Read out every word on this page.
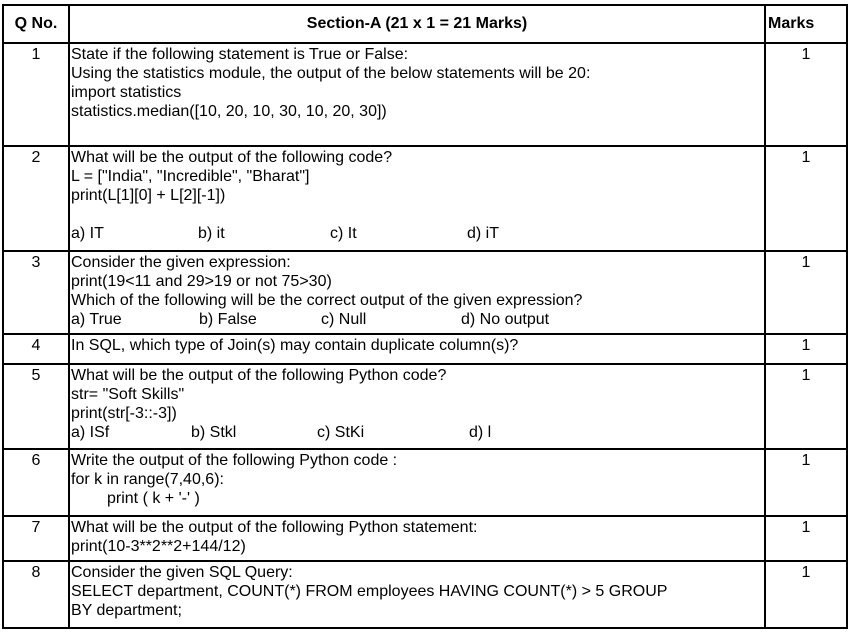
Q No.	Section-A (21 x 1 = 21 Marks)	Marks
1	State if the following statement is True or False:
Using the statistics module, the output of the below statements will be 20:
import statistics
statistics.median([10, 20, 10, 30, 10, 20, 30])	1
2	What will be the output of the following code?
L = ["India", "Incredible", "Bharat"]
print(L[1][0] + L[2][-1])
a) IT	b) it	c) It	d) iT
	1
3	Consider the given expression:
print(19<11 and 29>19 or not 75>30)
Which of the following will be the correct output of the given expression?
a) True	b) False	c) Null	d) No output
	1
4	In SQL, which type of Join(s) may contain duplicate column(s)?	1
5	What will be the output of the following Python code?
str= "Soft Skills"
print(str[-3::-3])
a) ISf	b) Stkl	c) StKi	d) l
	1
6	Write the output of the following Python code :
for k in range(7,40,6):
print ( k + '-' )	1
7	What will be the output of the following Python statement:
print(10-3**2**2+144/12)	1
8	Consider the given SQL Query:
SELECT department, COUNT(*) FROM employees HAVING COUNT(*) > 5 GROUP
BY department;	1
